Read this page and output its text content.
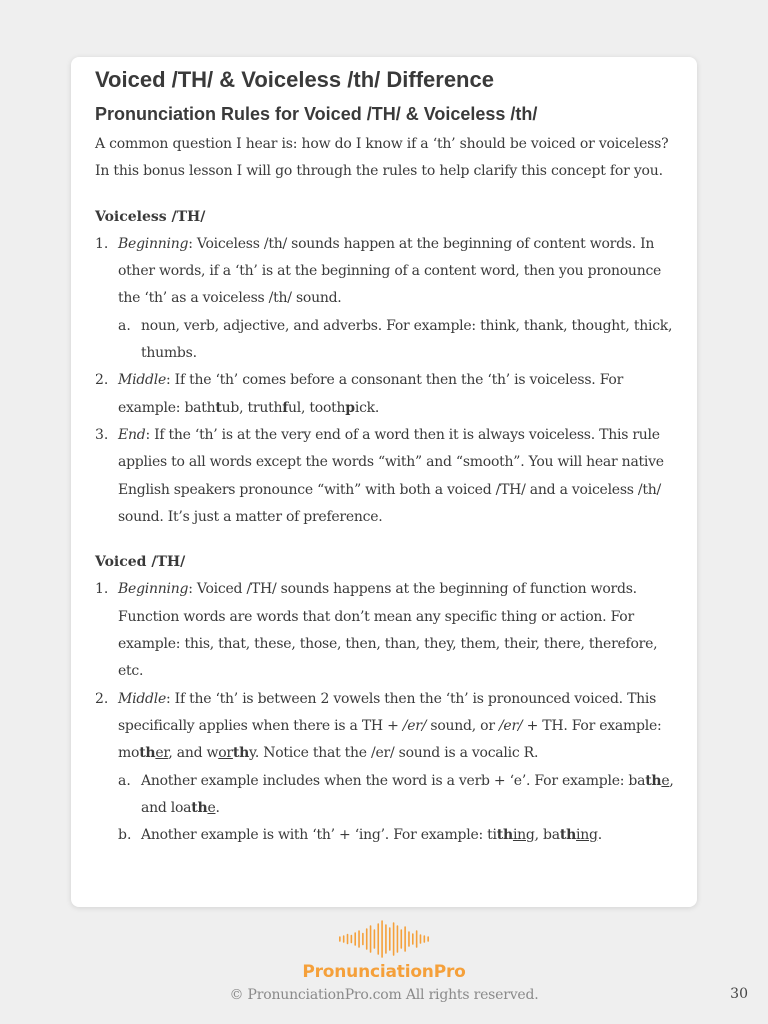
Voiced /TH/ & Voiceless /th/ Difference
Pronunciation Rules for Voiced /TH/ & Voiceless /th/

A common question I hear is: how do I know if a ‘th’ should be voiced or voiceless? In this bonus lesson I will go through the rules to help clarify this concept for you.

Voiceless /TH/
1. Beginning: Voiceless /th/ sounds happen at the beginning of content words. In other words, if a ‘th’ is at the beginning of a content word, then you pronounce the ‘th’ as a voiceless /th/ sound.
a. noun, verb, adjective, and adverbs. For example: think, thank, thought, thick, thumbs.
2. Middle: If the ‘th’ comes before a consonant then the ‘th’ is voiceless. For example: bathtub, truthful, toothpick.
3. End: If the ‘th’ is at the very end of a word then it is always voiceless. This rule applies to all words except the words “with” and “smooth”. You will hear native English speakers pronounce “with” with both a voiced /TH/ and a voiceless /th/ sound. It’s just a matter of preference.
Voiced /TH/
1. Beginning: Voiced /TH/ sounds happens at the beginning of function words. Function words are words that don’t mean any specific thing or action. For example: this, that, these, those, then, than, they, them, their, there, therefore, etc.
2. Middle: If the ‘th’ is between 2 vowels then the ‘th’ is pronounced voiced. This specifically applies when there is a TH + /er/ sound, or /er/ + TH. For example: mother, and worthy. Notice that the /er/ sound is a vocalic R.
a. Another example includes when the word is a verb + ‘e’. For example: bathe, and loathe.
b. Another example is with ‘th’ + ‘ing’. For example: tithing, bathing.
PronunciationPro
© PronunciationPro.com All rights reserved.	30
